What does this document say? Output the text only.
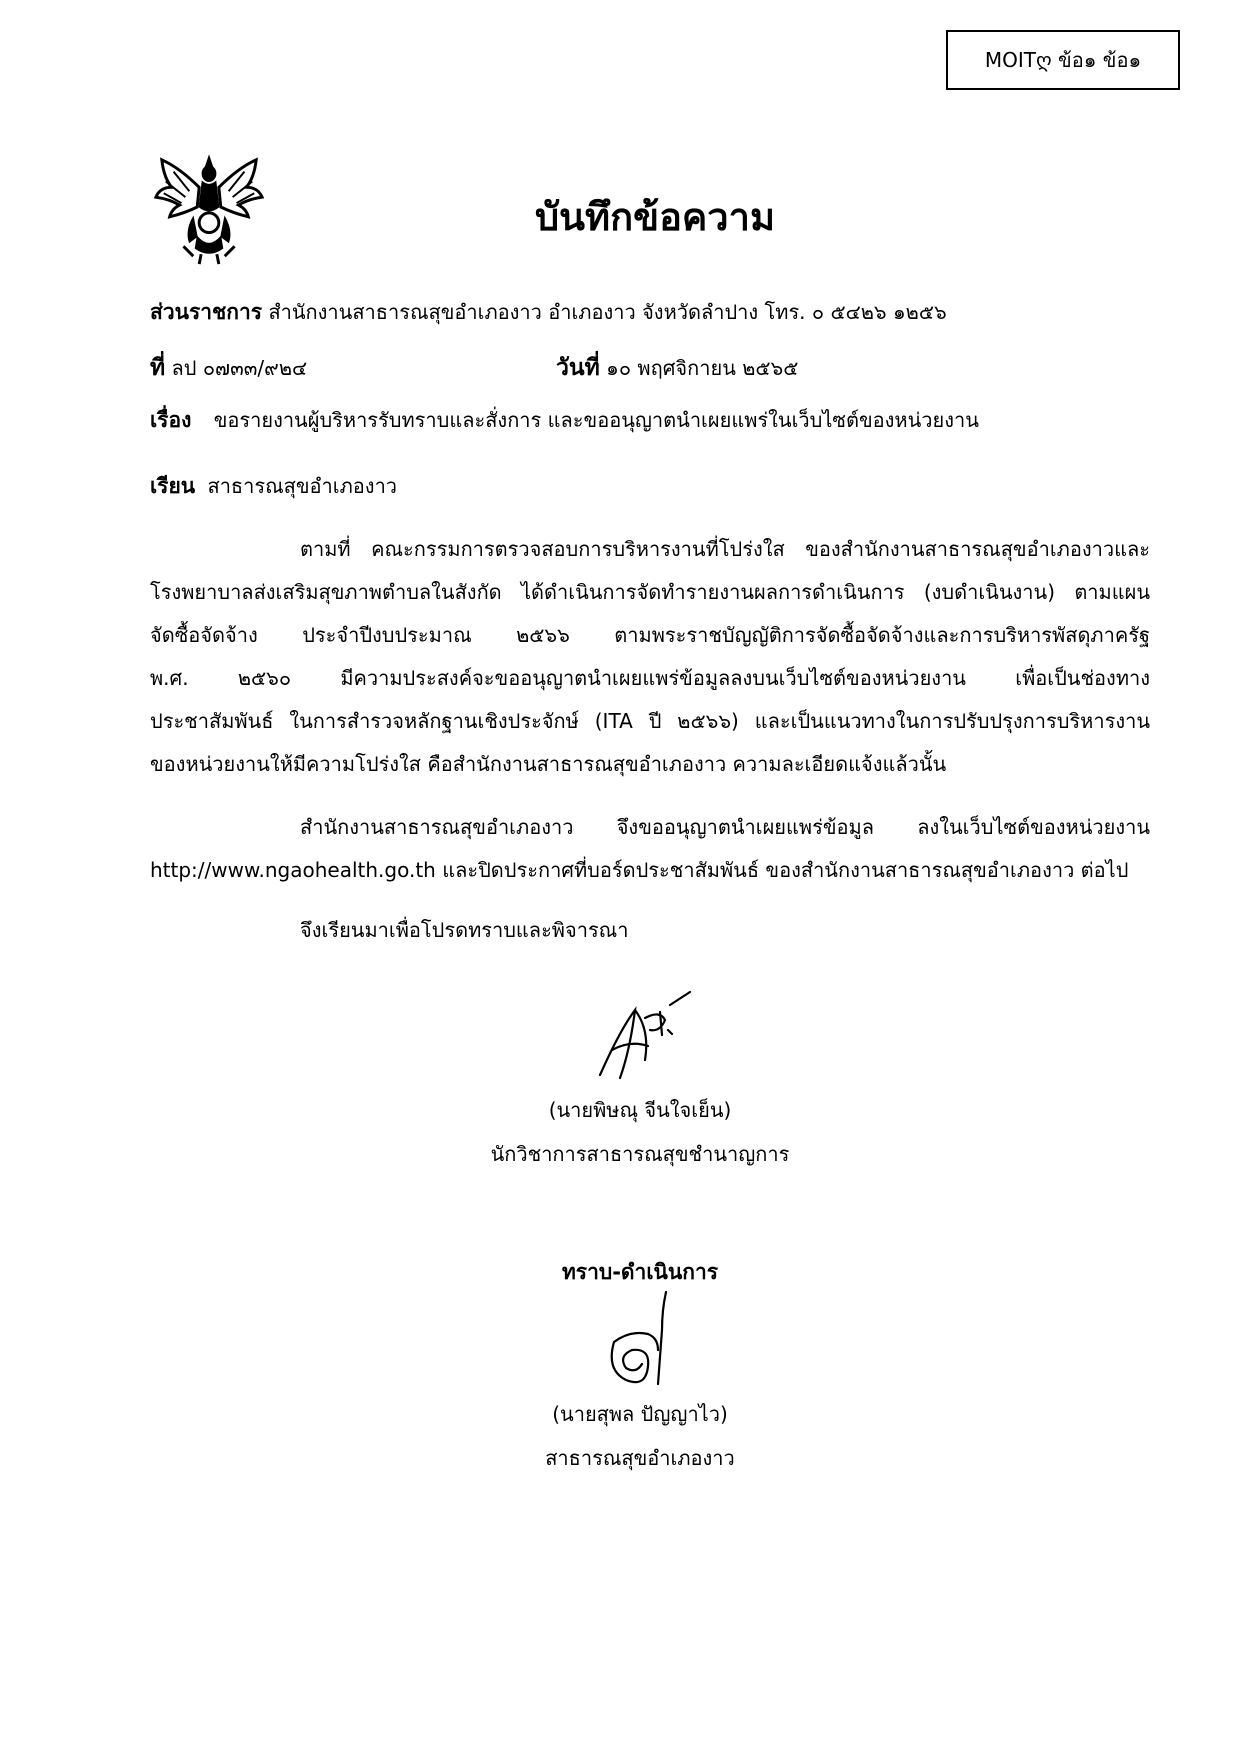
MOITღ ข้อ๑ ข้อ๑
บันทึกข้อความ
ส่วนราชการ สำนักงานสาธารณสุขอำเภองาว อำเภองาว จังหวัดลำปาง โทร. ๐ ๕๔๒๖ ๑๒๕๖
ที่ ลป ๐๗๓๓/๙๒๔	วันที่ ๑๐ พฤศจิกายน ๒๕๖๕
เรื่อง ขอรายงานผู้บริหารรับทราบและสั่งการ และขออนุญาตนำเผยแพร่ในเว็บไซต์ของหน่วยงาน
เรียน สาธารณสุขอำเภองาว
ตามที่ คณะกรรมการตรวจสอบการบริหารงานที่โปร่งใส ของสำนักงานสาธารณสุขอำเภองาวและ
โรงพยาบาลส่งเสริมสุขภาพตำบลในสังกัด ได้ดำเนินการจัดทำรายงานผลการดำเนินการ (งบดำเนินงาน) ตามแผน
จัดซื้อจัดจ้าง ประจำปีงบประมาณ ๒๕๖๖ ตามพระราชบัญญัติการจัดซื้อจัดจ้างและการบริหารพัสดุภาครัฐ
พ.ศ. ๒๕๖๐ มีความประสงค์จะขออนุญาตนำเผยแพร่ข้อมูลลงบนเว็บไซต์ของหน่วยงาน เพื่อเป็นช่องทาง
ประชาสัมพันธ์ ในการสำรวจหลักฐานเชิงประจักษ์ (ITA ปี ๒๕๖๖) และเป็นแนวทางในการปรับปรุงการบริหารงาน
ของหน่วยงานให้มีความโปร่งใส คือสำนักงานสาธารณสุขอำเภองาว ความละเอียดแจ้งแล้วนั้น
สำนักงานสาธารณสุขอำเภองาว จึงขออนุญาตนำเผยแพร่ข้อมูล ลงในเว็บไซต์ของหน่วยงาน
http://www.ngaohealth.go.th และปิดประกาศที่บอร์ดประชาสัมพันธ์ ของสำนักงานสาธารณสุขอำเภองาว ต่อไป
จึงเรียนมาเพื่อโปรดทราบและพิจารณา
(นายพิษณุ จีนใจเย็น)
นักวิชาการสาธารณสุขชำนาญการ
ทราบ-ดำเนินการ
(นายสุพล ปัญญาไว)
สาธารณสุขอำเภองาว
